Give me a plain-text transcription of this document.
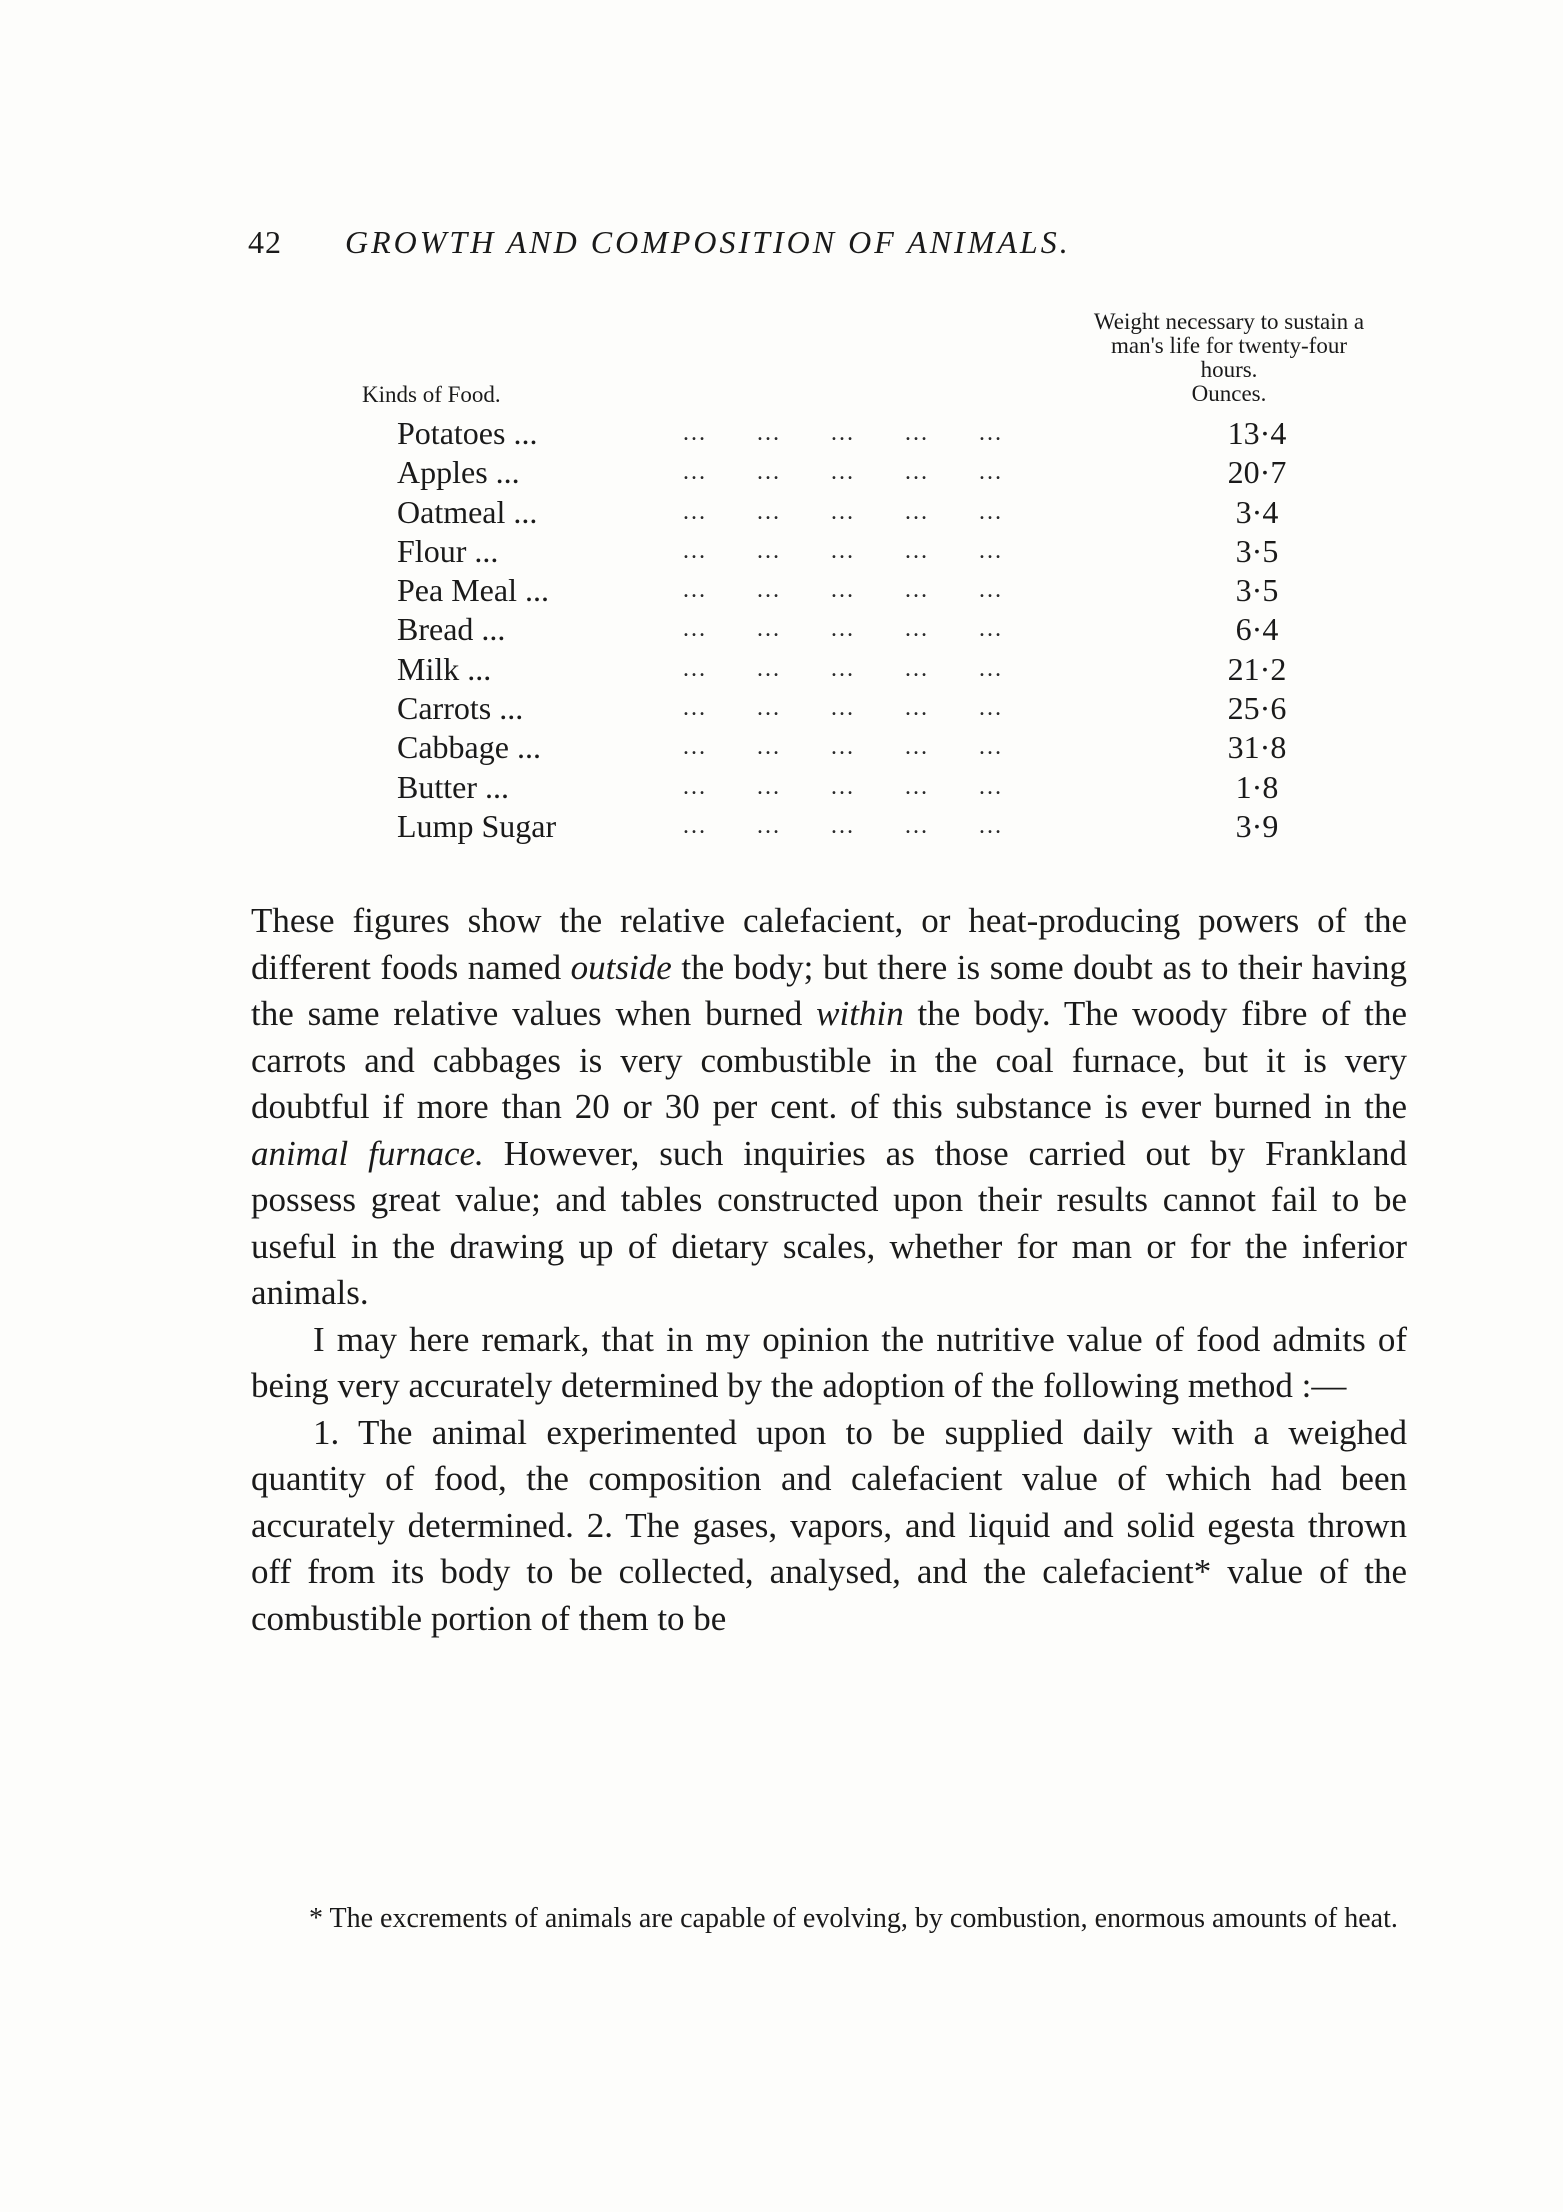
42 GROWTH AND COMPOSITION OF ANIMALS.
Weight necessary to sustain a man's life for twenty-four hours.
Ounces.
Kinds of Food.
Potatoes ...	…      …      …      …      …	13·4
Apples ...	…      …      …      …      …	20·7
Oatmeal ...	…      …      …      …      …	3·4
Flour ...	…      …      …      …      …	3·5
Pea Meal ...	…      …      …      …      …	3·5
Bread ...	…      …      …      …      …	6·4
Milk ...	…      …      …      …      …	21·2
Carrots ...	…      …      …      …      …	25·6
Cabbage ...	…      …      …      …      …	31·8
Butter ...	…      …      …      …      …	1·8
Lump Sugar	…      …      …      …      …	3·9

These figures show the relative calefacient, or heat-producing powers of the different foods named outside the body; but there is some doubt as to their having the same relative values when burned within the body. The woody fibre of the carrots and cabbages is very combustible in the coal furnace, but it is very doubtful if more than 20 or 30 per cent. of this substance is ever burned in the animal furnace. However, such inquiries as those carried out by Frankland possess great value; and tables constructed upon their results cannot fail to be useful in the drawing up of dietary scales, whether for man or for the inferior animals.

I may here remark, that in my opinion the nutritive value of food admits of being very accurately determined by the adoption of the following method :—

1. The animal experimented upon to be supplied daily with a weighed quantity of food, the composition and calefacient value of which had been accurately determined. 2. The gases, vapors, and liquid and solid egesta thrown off from its body to be collected, analysed, and the calefacient* value of the combustible portion of them to be

* The excrements of animals are capable of evolving, by combustion, enormous amounts of heat.
